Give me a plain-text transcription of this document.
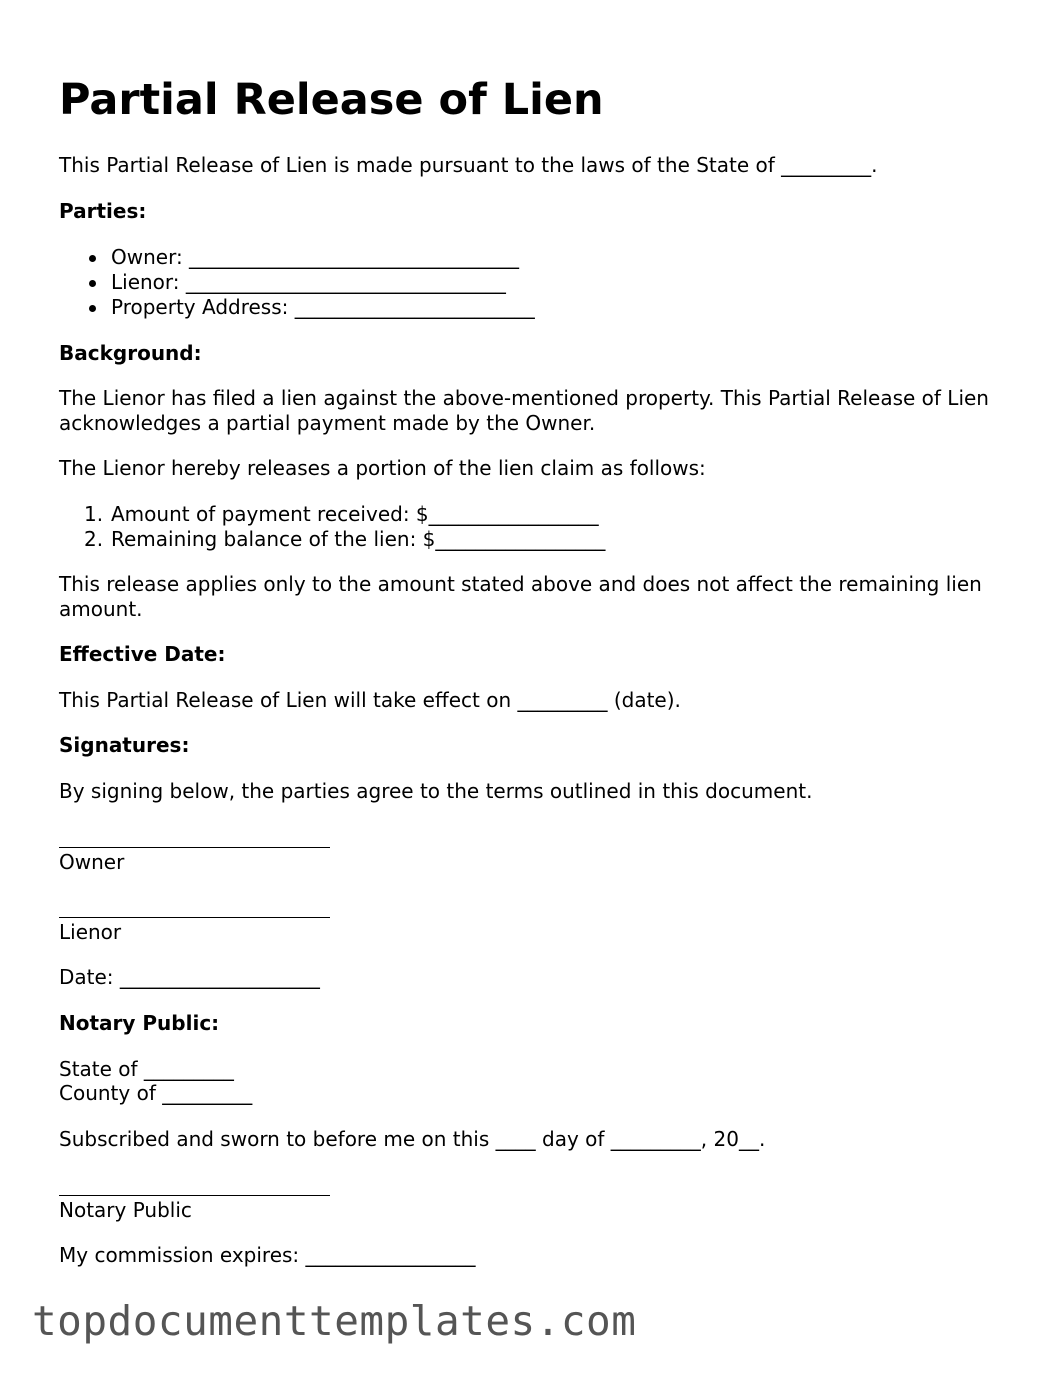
Partial Release of Lien
This Partial Release of Lien is made pursuant to the laws of the State of _________.
Parties:
Owner: _________________________________
Lienor: ________________________________
Property Address: ________________________
Background:
The Lienor has filed a lien against the above-mentioned property. This Partial Release of Lien acknowledges a partial payment made by the Owner.
The Lienor hereby releases a portion of the lien claim as follows:
1. Amount of payment received: $_________________
2. Remaining balance of the lien: $_________________
This release applies only to the amount stated above and does not affect the remaining lien amount.
Effective Date:
This Partial Release of Lien will take effect on _________ (date).
Signatures:
By signing below, the parties agree to the terms outlined in this document.
Owner
Lienor
Date: ____________________
Notary Public:
State of _________
County of _________
Subscribed and sworn to before me on this ____ day of _________, 20__.
Notary Public
My commission expires: _________________
topdocumenttemplates.com
